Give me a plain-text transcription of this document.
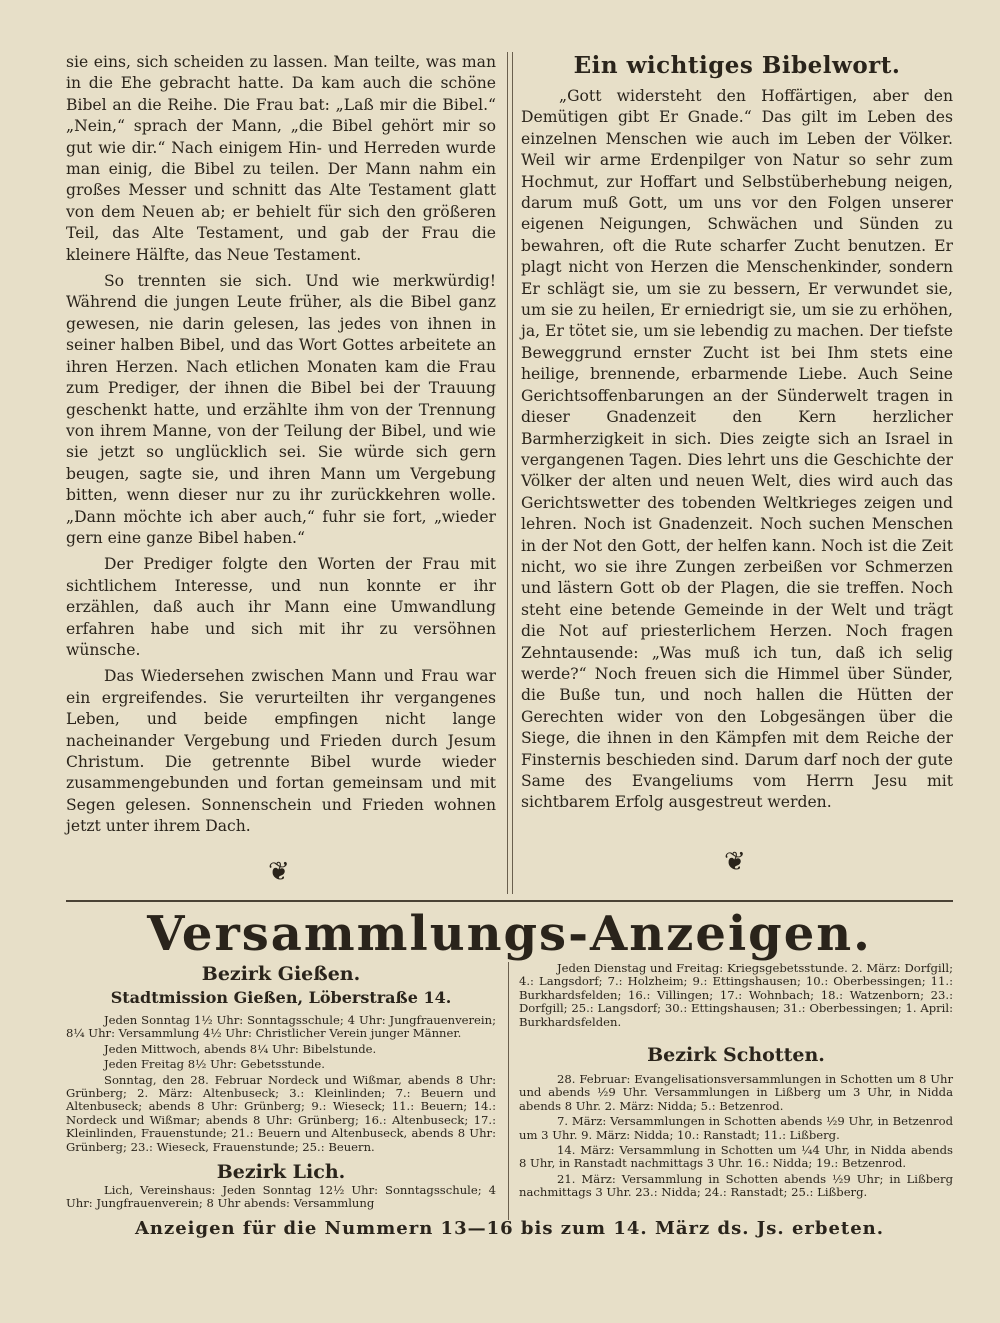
sie eins, sich scheiden zu lassen. Man teilte, was man in die Ehe gebracht hatte. Da kam auch die schöne Bibel an die Reihe. Die Frau bat: „Laß mir die Bibel.“ „Nein,“ sprach der Mann, „die Bibel gehört mir so gut wie dir.“ Nach einigem Hin- und Herreden wurde man einig, die Bibel zu teilen. Der Mann nahm ein großes Messer und schnitt das Alte Testament glatt von dem Neuen ab; er behielt für sich den größeren Teil, das Alte Testament, und gab der Frau die kleinere Hälfte, das Neue Testament.

So trennten sie sich. Und wie merkwürdig! Während die jungen Leute früher, als die Bibel ganz gewesen, nie darin gelesen, las jedes von ihnen in seiner halben Bibel, und das Wort Gottes arbeitete an ihren Herzen. Nach etlichen Monaten kam die Frau zum Prediger, der ihnen die Bibel bei der Trauung geschenkt hatte, und erzählte ihm von der Trennung von ihrem Manne, von der Teilung der Bibel, und wie sie jetzt so unglücklich sei. Sie würde sich gern beugen, sagte sie, und ihren Mann um Vergebung bitten, wenn dieser nur zu ihr zurückkehren wolle. „Dann möchte ich aber auch,“ fuhr sie fort, „wieder gern eine ganze Bibel haben.“

Der Prediger folgte den Worten der Frau mit sichtlichem Interesse, und nun konnte er ihr erzählen, daß auch ihr Mann eine Umwandlung erfahren habe und sich mit ihr zu versöhnen wünsche.

Das Wiedersehen zwischen Mann und Frau war ein ergreifendes. Sie verurteilten ihr vergangenes Leben, und beide empfingen nicht lange nacheinander Vergebung und Frieden durch Jesum Christum. Die getrennte Bibel wurde wieder zusammengebunden und fortan gemeinsam und mit Segen gelesen. Sonnenschein und Frieden wohnen jetzt unter ihrem Dach.

Ein wichtiges Bibelwort.

„Gott widersteht den Hoffärtigen, aber den Demütigen gibt Er Gnade.“ Das gilt im Leben des einzelnen Menschen wie auch im Leben der Völker. Weil wir arme Erdenpilger von Natur so sehr zum Hochmut, zur Hoffart und Selbstüberhebung neigen, darum muß Gott, um uns vor den Folgen unserer eigenen Neigungen, Schwächen und Sünden zu bewahren, oft die Rute scharfer Zucht benutzen. Er plagt nicht von Herzen die Menschenkinder, sondern Er schlägt sie, um sie zu bessern, Er verwundet sie, um sie zu heilen, Er erniedrigt sie, um sie zu erhöhen, ja, Er tötet sie, um sie lebendig zu machen. Der tiefste Beweggrund ernster Zucht ist bei Ihm stets eine heilige, brennende, erbarmende Liebe. Auch Seine Gerichtsoffenbarungen an der Sünderwelt tragen in dieser Gnadenzeit den Kern herzlicher Barmherzigkeit in sich. Dies zeigte sich an Israel in vergangenen Tagen. Dies lehrt uns die Geschichte der Völker der alten und neuen Welt, dies wird auch das Gerichtswetter des tobenden Weltkrieges zeigen und lehren. Noch ist Gnadenzeit. Noch suchen Menschen in der Not den Gott, der helfen kann. Noch ist die Zeit nicht, wo sie ihre Zungen zerbeißen vor Schmerzen und lästern Gott ob der Plagen, die sie treffen. Noch steht eine betende Gemeinde in der Welt und trägt die Not auf priesterlichem Herzen. Noch fragen Zehntausende: „Was muß ich tun, daß ich selig werde?“ Noch freuen sich die Himmel über Sünder, die Buße tun, und noch hallen die Hütten der Gerechten wider von den Lobgesängen über die Siege, die ihnen in den Kämpfen mit dem Reiche der Finsternis beschieden sind. Darum darf noch der gute Same des Evangeliums vom Herrn Jesu mit sichtbarem Erfolg ausgestreut werden.

❦	❦
Versammlungs-Anzeigen.

Bezirk Gießen.

Stadtmission Gießen, Löberstraße 14.

Jeden Sonntag 1½ Uhr: Sonntagsschule; 4 Uhr: Jungfrauenverein; 8¼ Uhr: Versammlung 4½ Uhr: Christlicher Verein junger Männer.

Jeden Mittwoch, abends 8¼ Uhr: Bibelstunde.

Jeden Freitag 8½ Uhr: Gebetsstunde.

Sonntag, den 28. Februar Nordeck und Wißmar, abends 8 Uhr: Grünberg; 2. März: Altenbuseck; 3.: Kleinlinden; 7.: Beuern und Altenbuseck; abends 8 Uhr: Grünberg; 9.: Wieseck; 11.: Beuern; 14.: Nordeck und Wißmar; abends 8 Uhr: Grünberg; 16.: Altenbuseck; 17.: Kleinlinden, Frauenstunde; 21.: Beuern und Altenbuseck, abends 8 Uhr: Grünberg; 23.: Wieseck, Frauenstunde; 25.: Beuern.

Bezirk Lich.

Lich, Vereinshaus: Jeden Sonntag 12½ Uhr: Sonntagsschule; 4 Uhr: Jungfrauenverein; 8 Uhr abends: Versammlung

Jeden Dienstag und Freitag: Kriegsgebetsstunde. 2. März: Dorfgill; 4.: Langsdorf; 7.: Holzheim; 9.: Ettingshausen; 10.: Oberbessingen; 11.: Burkhardsfelden; 16.: Villingen; 17.: Wohnbach; 18.: Watzenborn; 23.: Dorfgill; 25.: Langsdorf; 30.: Ettingshausen; 31.: Oberbessingen; 1. April: Burkhardsfelden.

Bezirk Schotten.

28. Februar: Evangelisationsversammlungen in Schotten um 8 Uhr und abends ½9 Uhr. Versammlungen in Lißberg um 3 Uhr, in Nidda abends 8 Uhr. 2. März: Nidda; 5.: Betzenrod.

7. März: Versammlungen in Schotten abends ½9 Uhr, in Betzenrod um 3 Uhr. 9. März: Nidda; 10.: Ranstadt; 11.: Lißberg.

14. März: Versammlung in Schotten um ¼4 Uhr, in Nidda abends 8 Uhr, in Ranstadt nachmittags 3 Uhr. 16.: Nidda; 19.: Betzenrod.

21. März: Versammlung in Schotten abends ½9 Uhr; in Lißberg nachmittags 3 Uhr. 23.: Nidda; 24.: Ranstadt; 25.: Lißberg.

Anzeigen für die Nummern 13—16 bis zum 14. März ds. Js. erbeten.
